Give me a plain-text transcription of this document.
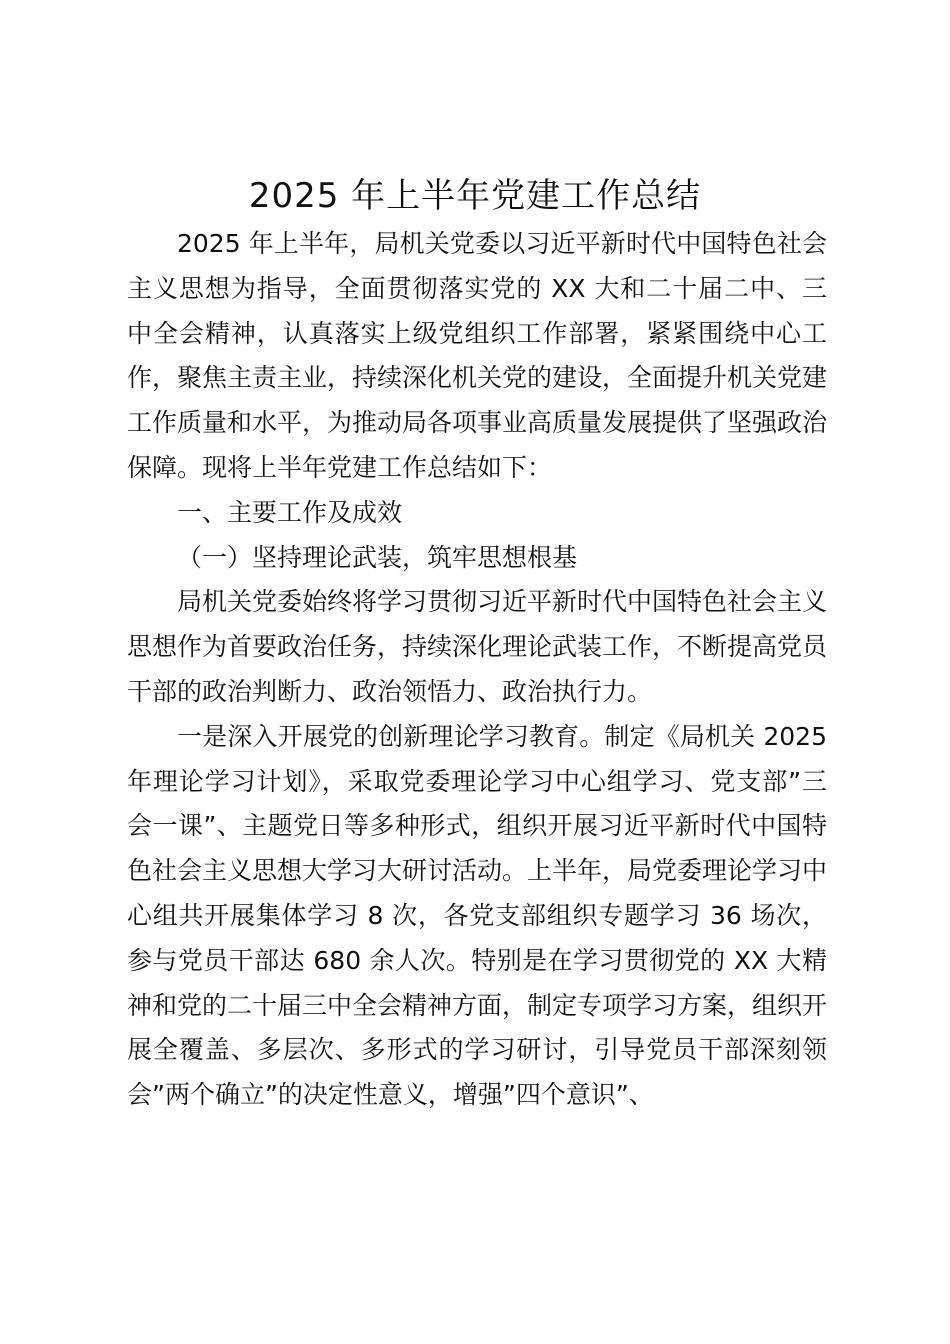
2025 年上半年党建工作总结

2025 年上半年，局机关党委以习近平新时代中国特色社会主义思想为指导，全面贯彻落实党的 XX 大和二十届二中、三中全会精神，认真落实上级党组织工作部署，紧紧围绕中心工作，聚焦主责主业，持续深化机关党的建设，全面提升机关党建工作质量和水平，为推动局各项事业高质量发展提供了坚强政治保障。现将上半年党建工作总结如下：

一、主要工作及成效

（一）坚持理论武装，筑牢思想根基

局机关党委始终将学习贯彻习近平新时代中国特色社会主义思想作为首要政治任务，持续深化理论武装工作，不断提高党员干部的政治判断力、政治领悟力、政治执行力。

一是深入开展党的创新理论学习教育。制定《局机关 2025 年理论学习计划》，采取党委理论学习中心组学习、党支部”三会一课”、主题党日等多种形式，组织开展习近平新时代中国特色社会主义思想大学习大研讨活动。上半年，局党委理论学习中心组共开展集体学习 8 次，各党支部组织专题学习 36 场次，参与党员干部达 680 余人次。特别是在学习贯彻党的 XX 大精神和党的二十届三中全会精神方面，制定专项学习方案，组织开展全覆盖、多层次、多形式的学习研讨，引导党员干部深刻领会”两个确立”的决定性意义，增强”四个意识”、
